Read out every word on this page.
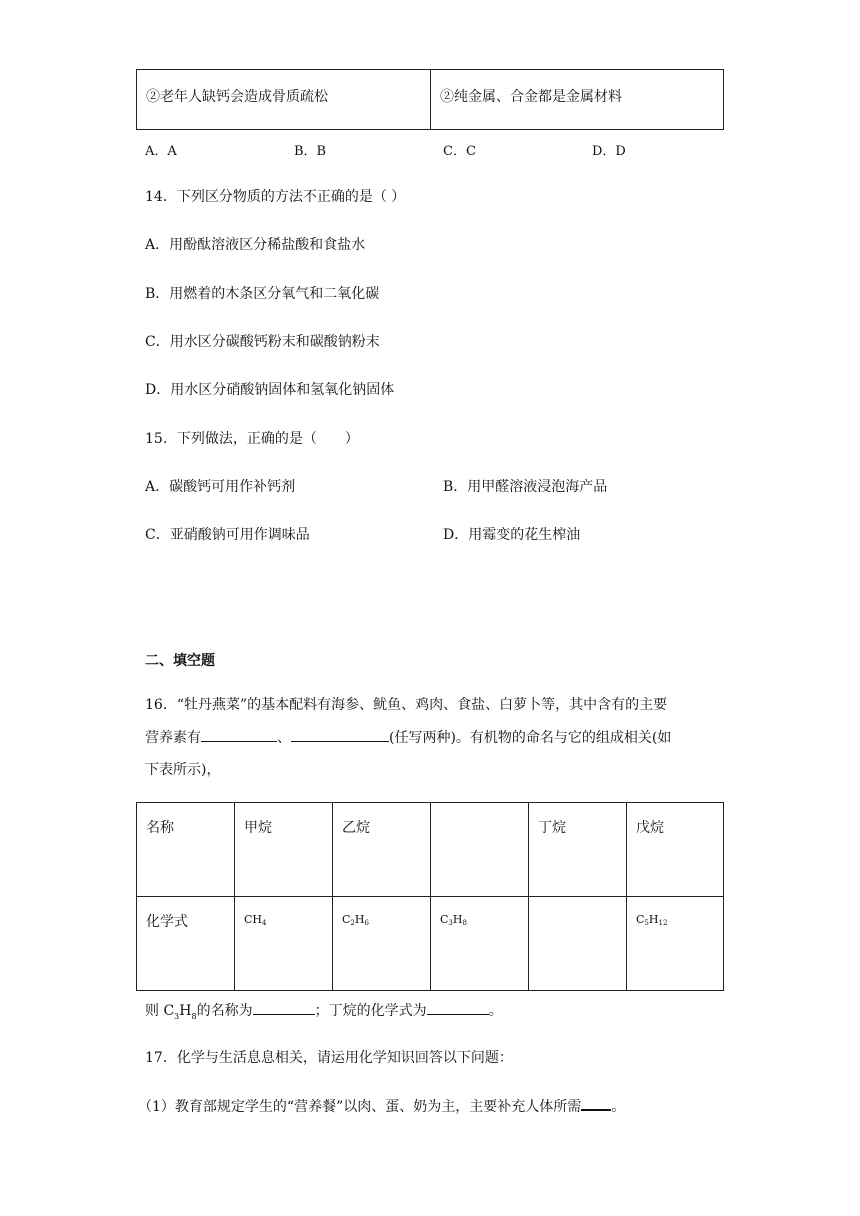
②老年人缺钙会造成骨质疏松	②纯金属、合金都是金属材料
A．A	B．B	C．C	D．D
14．下列区分物质的方法不正确的是（ ）
A．用酚酞溶液区分稀盐酸和食盐水
B．用燃着的木条区分氧气和二氧化碳
C．用水区分碳酸钙粉末和碳酸钠粉末
D．用水区分硝酸钠固体和氢氧化钠固体
15．下列做法，正确的是（　　）
A．碳酸钙可用作补钙剂	B．用甲醛溶液浸泡海产品
C．亚硝酸钠可用作调味品	D．用霉变的花生榨油
二、填空题
16．“牡丹燕菜”的基本配料有海参、鱿鱼、鸡肉、食盐、白萝卜等，其中含有的主要
营养素有	、	(任写两种)。有机物的命名与它的组成相关(如
下表所示)，
名称	甲烷	乙烷		丁烷	戊烷

化学式	$CH_4$	$C_2H_6$	$C_3H_8$		$C_5H_{12}$
则 $C_3H_8$的名称为	；丁烷的化学式为	。
17．化学与生活息息相关，请运用化学知识回答以下问题：
（1）教育部规定学生的“营养餐”以肉、蛋、奶为主，主要补充人体所需 。
